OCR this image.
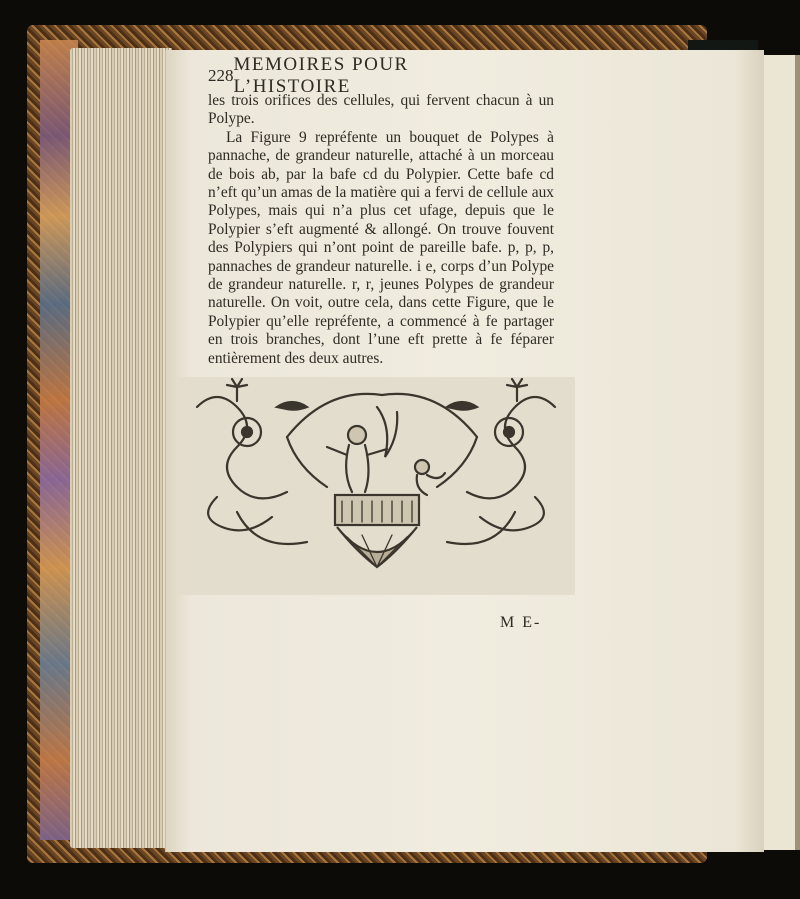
228
MEMOIRES POUR L’HISTOIRE

les trois orifices des cellules, qui fervent chacun à un Polype.

La Figure 9 repréfente un bouquet de Polypes à pannache, de grandeur naturelle, attaché à un morceau de bois ab, par la bafe cd du Polypier. Cette bafe cd n’eft qu’un amas de la matière qui a fervi de cellule aux Polypes, mais qui n’a plus cet ufage, depuis que le Polypier s’eft augmenté & allongé. On trouve fouvent des Polypiers qui n’ont point de pareille bafe. p, p, p, pannaches de grandeur naturelle. i e, corps d’un Polype de grandeur naturelle. r, r, jeunes Polypes de grandeur naturelle. On voit, outre cela, dans cette Figure, que le Polypier qu’elle repréfente, a commencé à fe partager en trois branches, dont l’une eft prette à fe féparer entièrement des deux autres.

M E-
